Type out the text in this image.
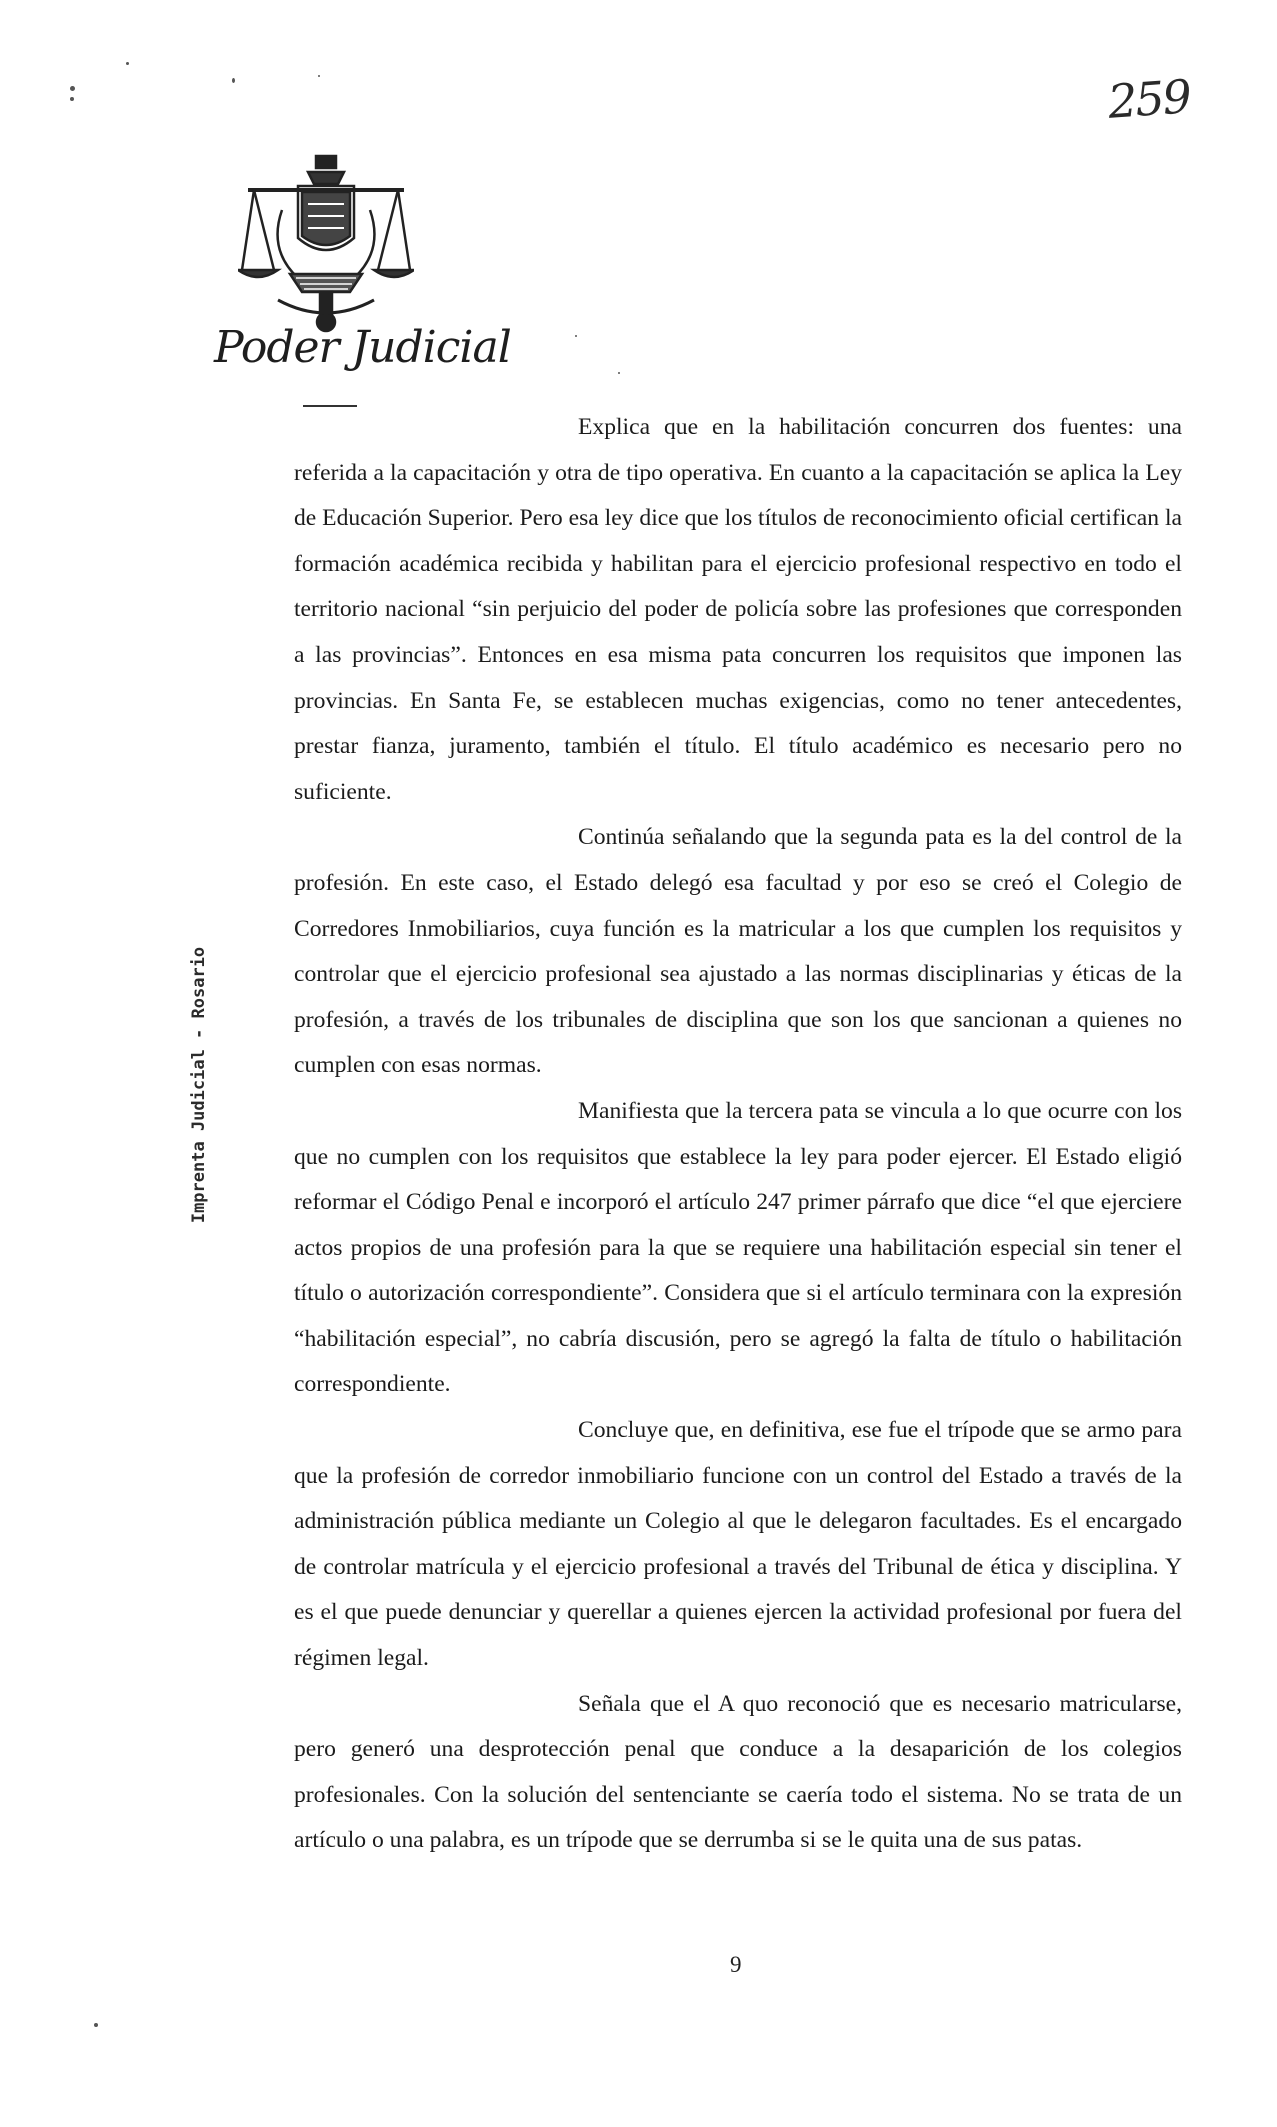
259
Poder Judicial
Imprenta Judicial - Rosario

Explica que en la habilitación concurren dos fuentes: una referida a la capacitación y otra de tipo operativa. En cuanto a la capacitación se aplica la Ley de Educación Superior. Pero esa ley dice que los títulos de reconocimiento oficial certifican la formación académica recibida y habilitan para el ejercicio profesional respectivo en todo el territorio nacional “sin perjuicio del poder de policía sobre las profesiones que corresponden a las provincias”. Entonces en esa misma pata concurren los requisitos que imponen las provincias. En Santa Fe, se establecen muchas exigencias, como no tener antecedentes, prestar fianza, juramento, también el título. El título académico es necesario pero no suficiente.

Continúa señalando que la segunda pata es la del control de la profesión. En este caso, el Estado delegó esa facultad y por eso se creó el Colegio de Corredores Inmobiliarios, cuya función es la matricular a los que cumplen los requisitos y controlar que el ejercicio profesional sea ajustado a las normas disciplinarias y éticas de la profesión, a través de los tribunales de disciplina que son los que sancionan a quienes no cumplen con esas normas.

Manifiesta que la tercera pata se vincula a lo que ocurre con los que no cumplen con los requisitos que establece la ley para poder ejercer. El Estado eligió reformar el Código Penal e incorporó el artículo 247 primer párrafo que dice “el que ejerciere actos propios de una profesión para la que se requiere una habilitación especial sin tener el título o autorización correspondiente”. Considera que si el artículo terminara con la expresión “habilitación especial”, no cabría discusión, pero se agregó la falta de título o habilitación correspondiente.

Concluye que, en definitiva, ese fue el trípode que se armo para que la profesión de corredor inmobiliario funcione con un control del Estado a través de la administración pública mediante un Colegio al que le delegaron facultades. Es el encargado de controlar matrícula y el ejercicio profesional a través del Tribunal de ética y disciplina. Y es el que puede denunciar y querellar a quienes ejercen la actividad profesional por fuera del régimen legal.

Señala que el A quo reconoció que es necesario matricularse, pero generó una desprotección penal que conduce a la desaparición de los colegios profesionales. Con la solución del sentenciante se caería todo el sistema. No se trata de un artículo o una palabra, es un trípode que se derrumba si se le quita una de sus patas.

9
